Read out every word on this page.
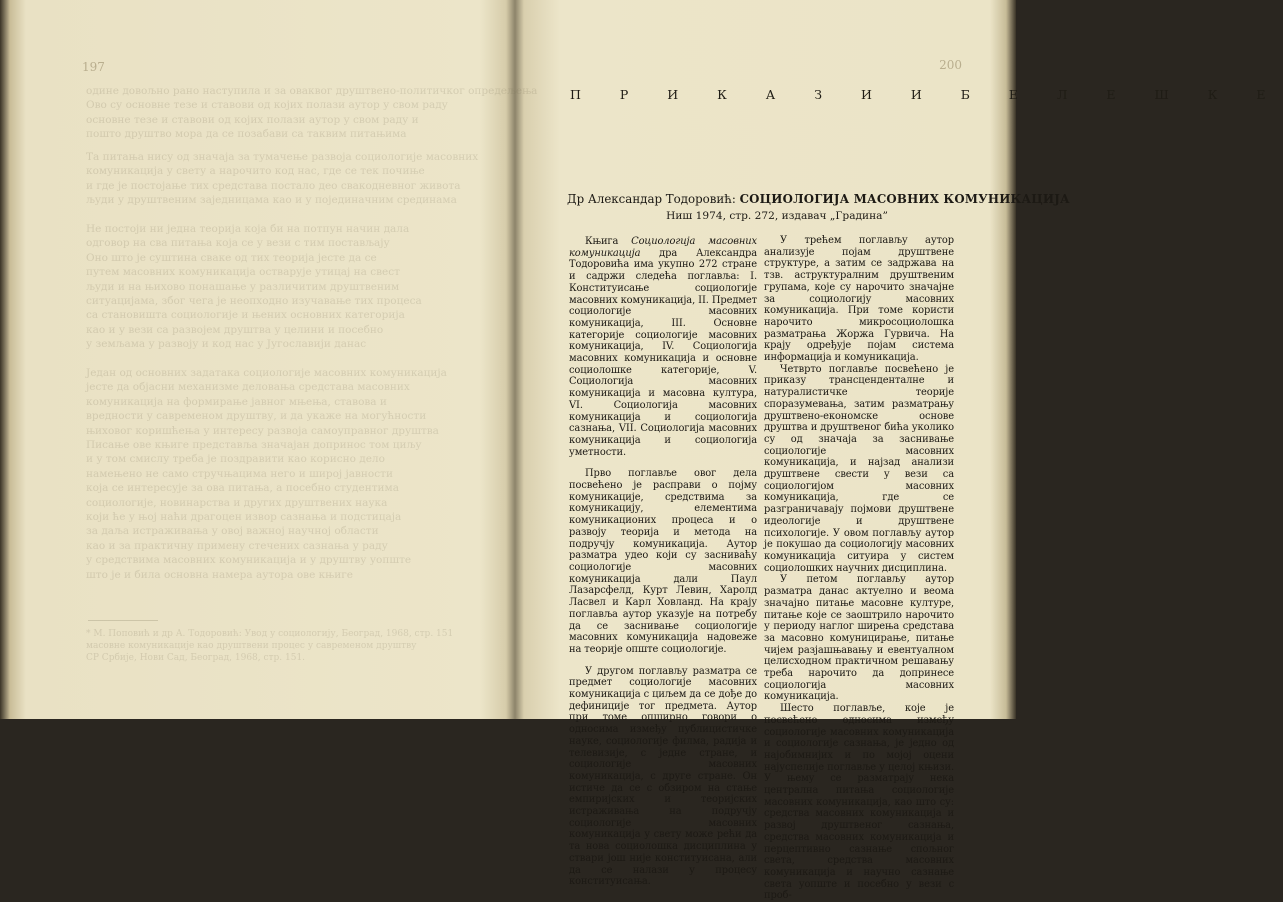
197
одине довољно рано наступила и за оваквог друштвено-политичког опредељења
Ово су основне тезе и ставови од којих полази аутор у свом раду
основне тезе и ставови од којих полази аутор у свом раду и
пошто друштво мора да се позабави са таквим питањима
Та питања нису од значаја за тумачење развоја социологије масовних
комуникација у свету а нарочито код нас, где се тек почиње
и где је постојање тих средстава постало део свакодневног живота
људи у друштвеним заједницама као и у појединачним срединама

Не постоји ни једна теорија која би на потпун начин дала
одговор на сва питања која се у вези с тим постављају
Оно што је суштина сваке од тих теорија јесте да се
путем масовних комуникација остварује утицај на свест
људи и на њихово понашање у различитим друштвеним
ситуацијама, због чега је неопходно изучавање тих процеса
са становишта социологије и њених основних категорија
као и у вези са развојем друштва у целини и посебно
у земљама у развоју и код нас у Југославији данас
Један од основних задатака социологије масовних комуникација
јесте да објасни механизме деловања средстава масовних
комуникација на формирање јавног мњења, ставова и
вредности у савременом друштву, и да укаже на могућности
њиховог коришћења у интересу развоја самоуправног друштва
Писање ове књиге представља значајан допринос том циљу
и у том смислу треба је поздравити као корисно дело
намењено не само стручњацима него и широј јавности
која се интересује за ова питања, а посебно студентима
социологије, новинарства и других друштвених наука
који ће у њој наћи драгоцен извор сазнања и подстицаја
за даља истраживања у овој важној научној области
као и за практичну примену стечених сазнања у раду
у средствима масовних комуникација и у друштву уопште
што је и била основна намера аутора ове књиге
* М. Поповић и др А. Тодоровић: Увод у социологију, Београд, 1968, стр. 151
масовне комуникације као друштвени процес у савременом друштву
СР Србије, Нови Сад, Београд, 1968, стр. 151.
200
П Р И К А З И И Б Е Л Е Ш К Е
Др Александар Тодоровић: СОЦИОЛОГИЈА МАСОВНИХ КОМУНИКАЦИЈА
Ниш 1974, стр. 272, издавач „Градина”

Књига Социологија масовних комуникација дра Александра Тодоровића има укупно 272 стране и садржи следећа поглавља: I. Конституисање социологије масовних комуникација, II. Предмет социологије масовних комуникација, III. Основне категорије социологије масовних комуникација, IV. Социологија масовних комуникација и основне социолошке категорије, V. Социологија масовних комуникација и масовна култура, VI. Социологија масовних комуникација и социологија сазнања, VII. Социологија масовних комуникација и социологија уметности.

Прво поглавље овог дела посвећено је расправи о појму комуникације, средствима за комуникацију, елементима комуникационих процеса и о развоју теорија и метода на подручју комуникација. Аутор разматра удео који су засниваћу социологије масовних комуникација дали Паул Лазарсфелд, Курт Левин, Харолд Ласвел и Карл Ховланд. На крају поглавља аутор указује на потребу да се заснивање социологије масовних комуникација надовеже на теорије опште социологије.

У другом поглављу разматра се предмет социологије масовних комуникација с циљем да се дође до дефиниције тог предмета. Аутор при томе опширно говори о односима између публицистичке науке, социологије филма, радија и телевизије, с једне стране, и социологије масовних комуникација, с друге стране. Он истиче да се с обзиром на стање емпиријских и теоријских истраживања на подручју социологије масовних комуникација у свету може рећи да та нова социолошка дисциплина у ствари још није конституисана, али да се налази у процесу конституисања.

У трећем поглављу аутор анализује појам друштвене структуре, а затим се задржава на тзв. аструктуралним друштвеним групама, које су нарочито значајне за социологију масовних комуникација. При томе користи нарочито микросоциолошка разматрања Жоржа Гурвича. На крају одређује појам система информација и комуникација.

Четврто поглавље посвећено је приказу трансценденталне и натуралистичке теорије споразумевања, затим разматрању друштвено-економске основе друштва и друштвеног бића уколико су од значаја за заснивање социологије масовних комуникација, и најзад анализи друштвене свести у вези са социологијом масовних комуникација, где се разграничавају појмови друштвене идеологије и друштвене психологије. У овом поглављу аутор је покушао да социологију масовних комуникација ситуира у систем социолошких научних дисциплина.

У петом поглављу аутор разматра данас актуелно и веома значајно питање масовне културе, питање које се заоштрило нарочито у периоду наглог ширења средстава за масовно комуницирање, питање чијем разјашњавању и евентуалном целисходном практичном решавању треба нарочито да допринесе социологија масовних комуникација.

Шесто поглавље, које је посвећено односима између социологије масовних комуникација и социологије сазнања, је једно од најобимнијих и по мојој оцени најуспелије поглавље у целој књизи. У њему се разматрају нека централна питања социологије масовних комуникација, као што су: средства масовних комуникација и развој друштвеног сазнања, средства масовних комуникација и перцептивно сазнање спољног света, средства масовних комуникација и научно сазнање света уопште и посебно у вези с проб-
